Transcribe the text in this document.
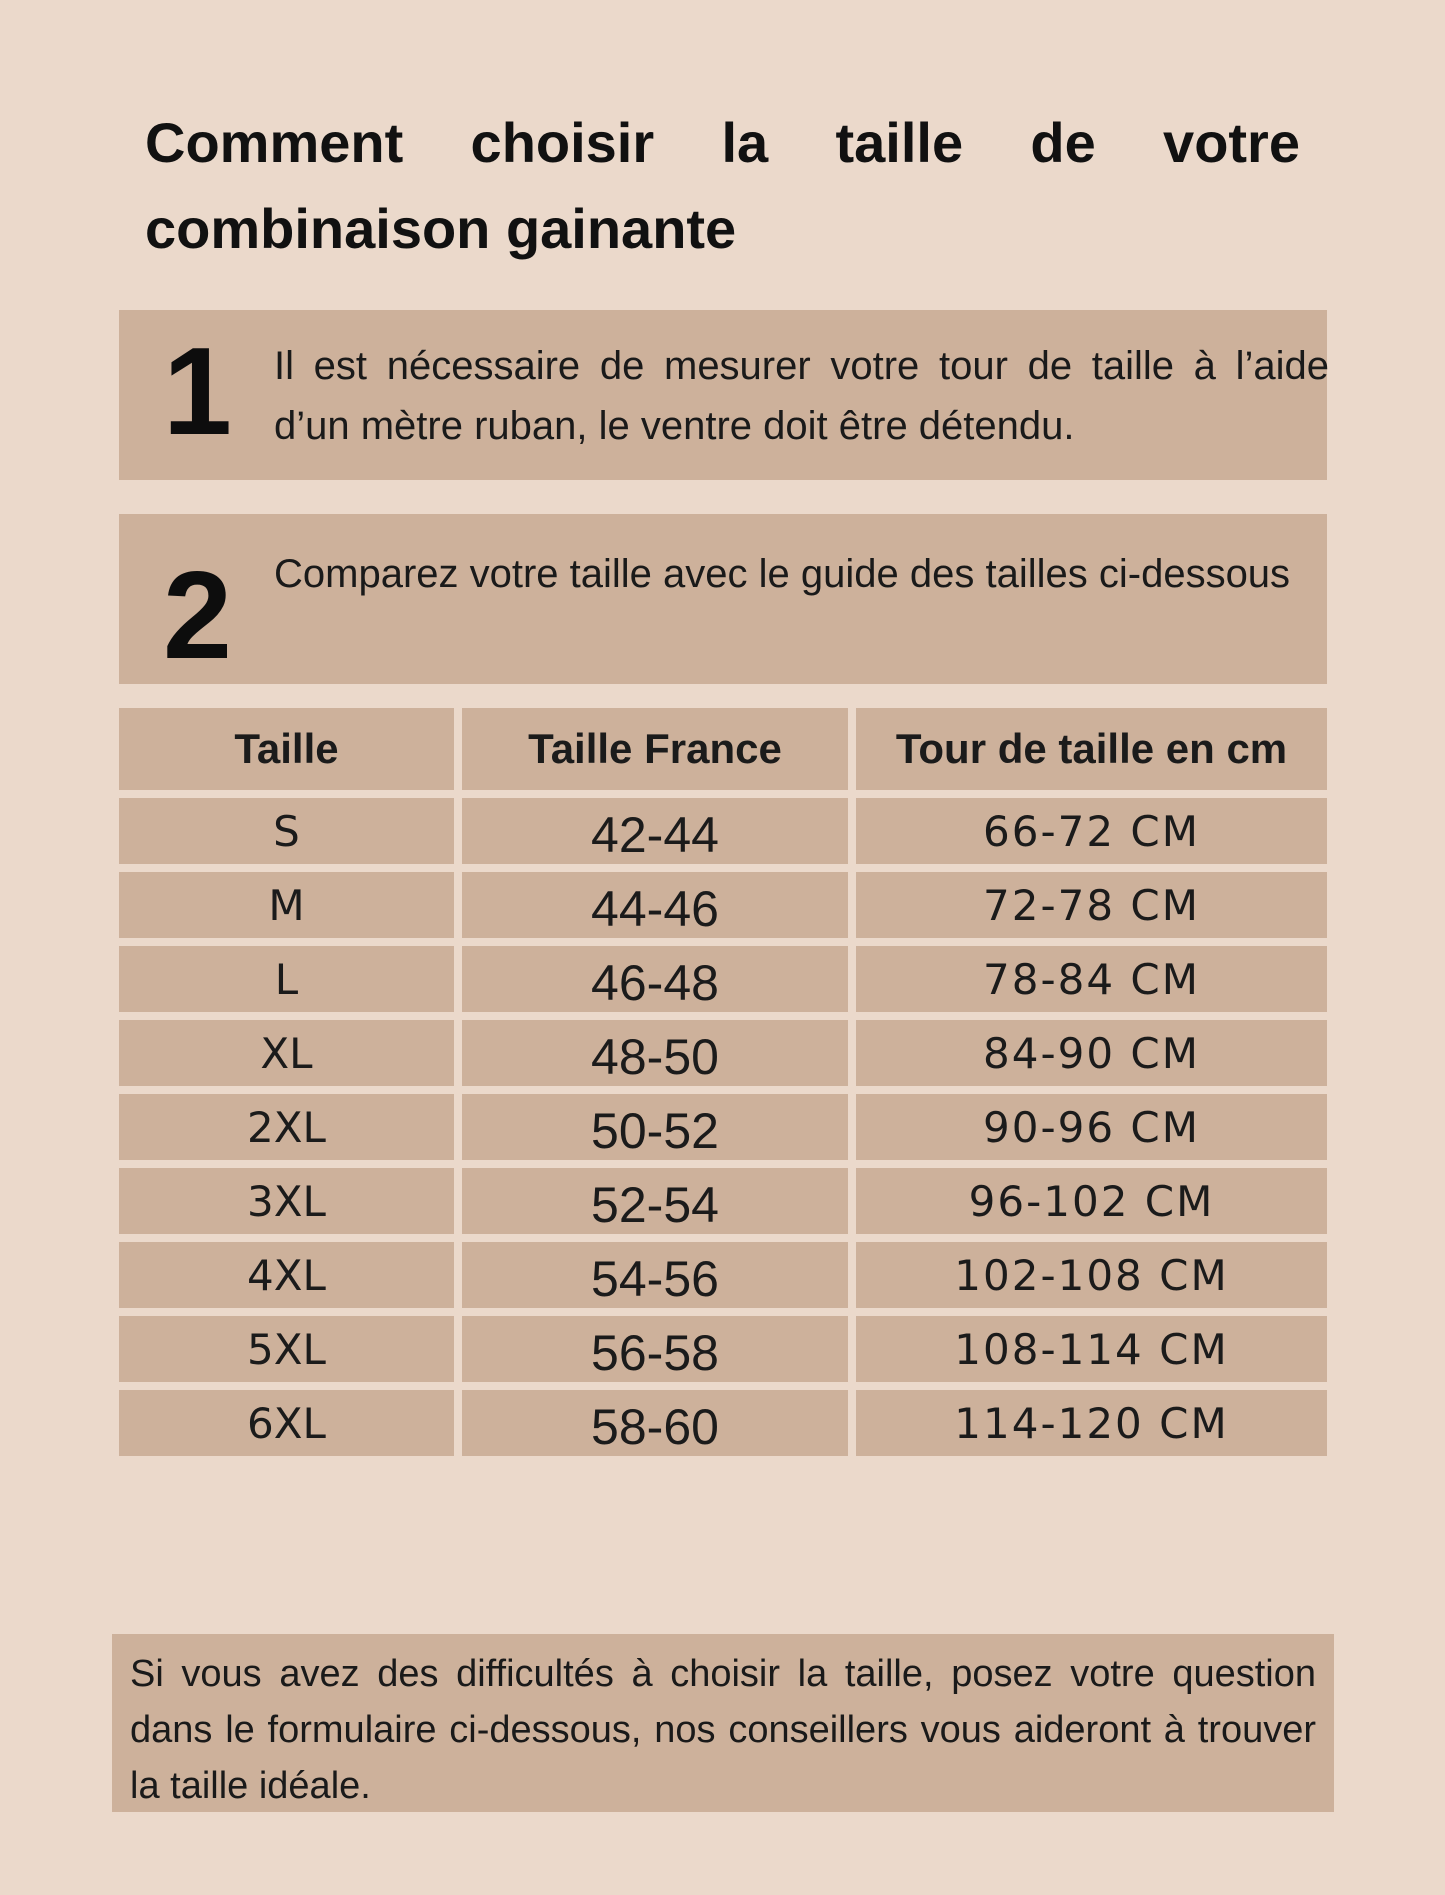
Comment choisir la taille de votre combinaison gainante
1 Il est nécessaire de mesurer votre tour de taille à l’aide d’un mètre ruban, le ventre doit être détendu.
2 Comparez votre taille avec le guide des tailles ci-dessous
Taille	Taille France	Tour de taille en cm
S	42-44	66-72 CM
M	44-46	72-78 CM
L	46-48	78-84 CM
XL	48-50	84-90 CM
2XL	50-52	90-96 CM
3XL	52-54	96-102 CM
4XL	54-56	102-108 CM
5XL	56-58	108-114 CM
6XL	58-60	114-120 CM
Si vous avez des difficultés à choisir la taille, posez votre question dans le formulaire ci-dessous, nos conseillers vous aideront à trouver la taille idéale.
